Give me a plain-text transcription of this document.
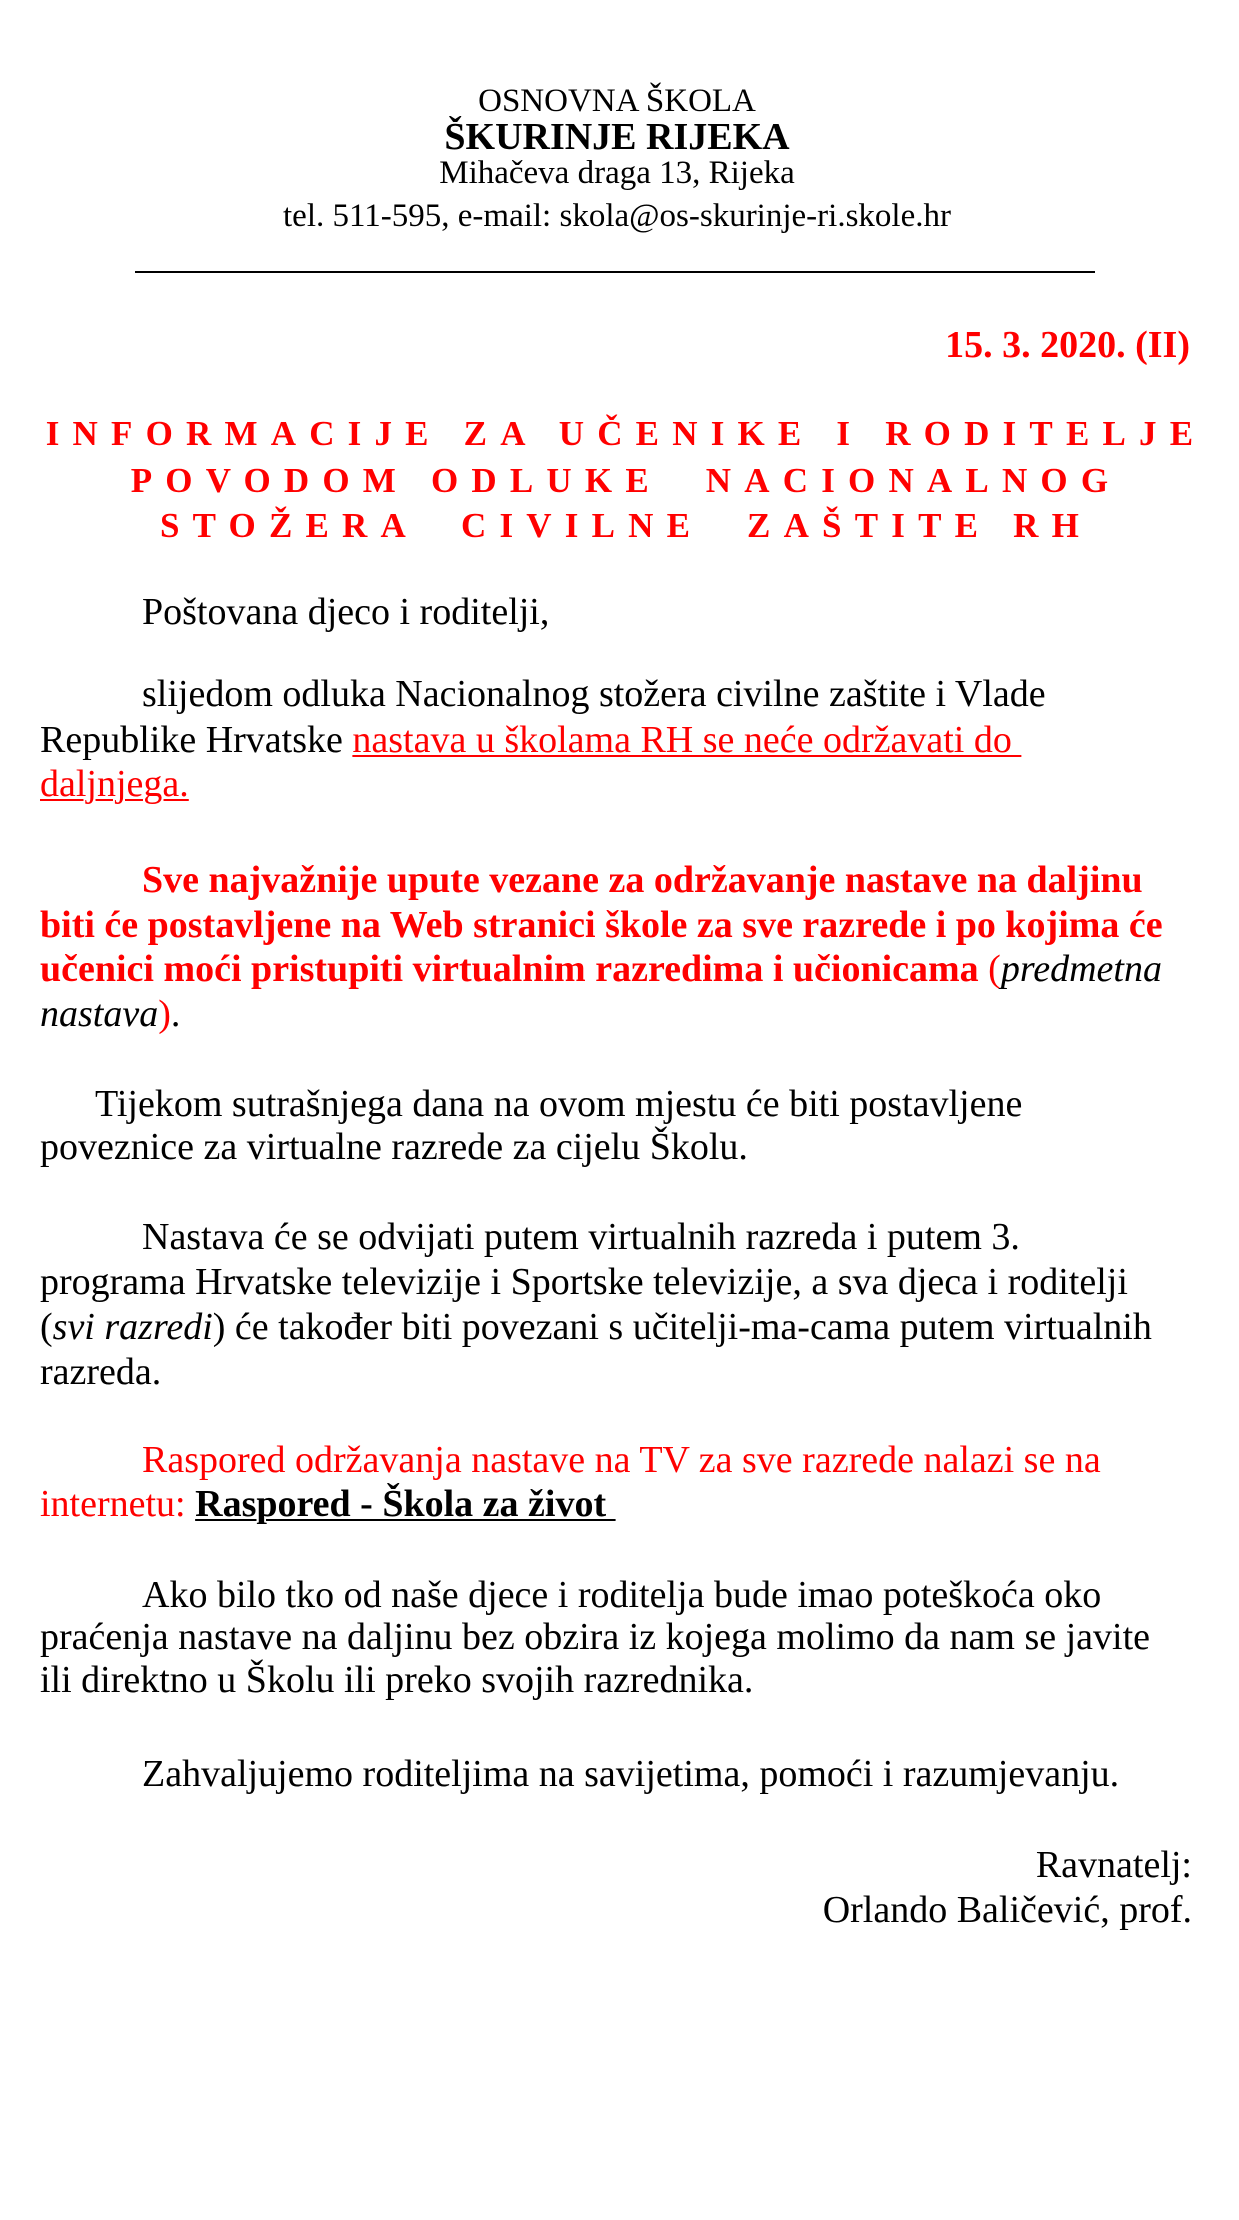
OSNOVNA ŠKOLA
ŠKURINJE RIJEKA
Mihačeva draga 13, Rijeka
tel. 511-595, e-mail: skola@os-skurinje-ri.skole.hr
15. 3. 2020. (II)
INFORMACIJE ZA UČENIKE I RODITELJE
POVODOM ODLUKE  NACIONALNOG
STOŽERA  CIVILNE  ZAŠTITE RH
Poštovana djeco i roditelji,
slijedom odluka Nacionalnog stožera civilne zaštite i Vlade
Republike Hrvatske nastava u školama RH se neće održavati do
daljnjega.
Sve najvažnije upute vezane za održavanje nastave na daljinu
biti će postavljene na Web stranici škole za sve razrede i po kojima će
učenici moći pristupiti virtualnim razredima i učionicama (predmetna
nastava).
Tijekom sutrašnjega dana na ovom mjestu će biti postavljene
poveznice za virtualne razrede za cijelu Školu.
Nastava će se odvijati putem virtualnih razreda i putem 3.
programa Hrvatske televizije i Sportske televizije, a sva djeca i roditelji
(svi razredi) će također biti povezani s učitelji-ma-cama putem virtualnih
razreda.
Raspored održavanja nastave na TV za sve razrede nalazi se na
internetu: Raspored - Škola za život
Ako bilo tko od naše djece i roditelja bude imao poteškoća oko
praćenja nastave na daljinu bez obzira iz kojega molimo da nam se javite
ili direktno u Školu ili preko svojih razrednika.
Zahvaljujemo roditeljima na savijetima, pomoći i razumjevanju.
Ravnatelj:
Orlando Baličević, prof.
